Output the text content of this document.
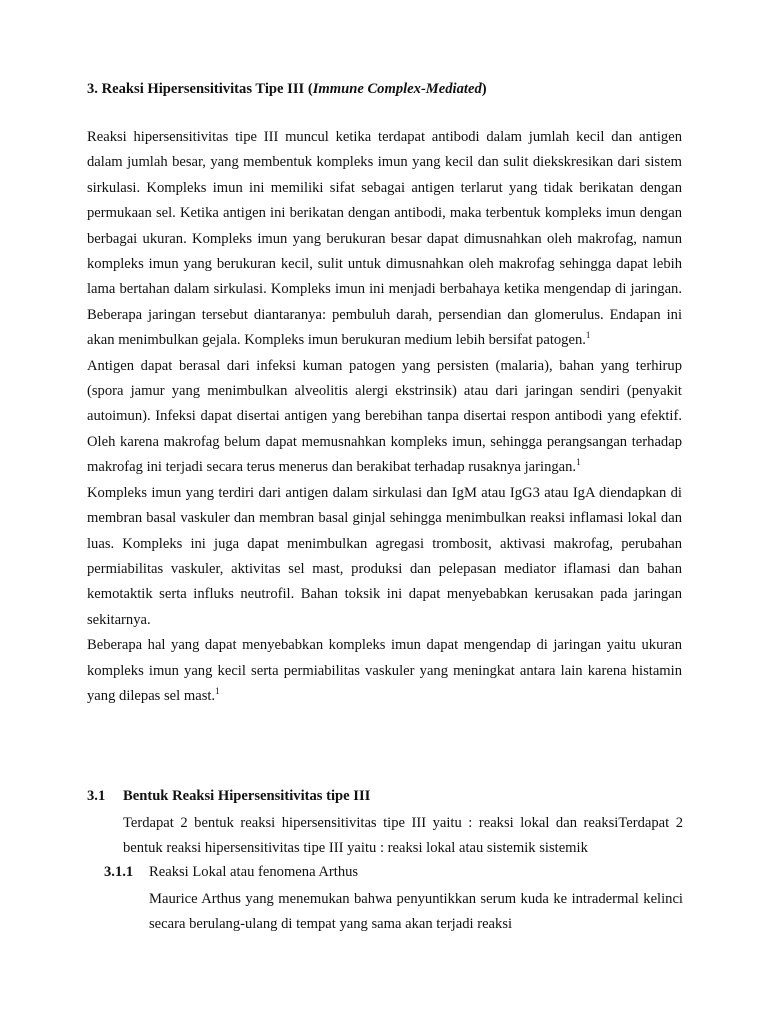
3. Reaksi Hipersensitivitas Tipe III (Immune Complex-Mediated)

Reaksi hipersensitivitas tipe III muncul ketika terdapat antibodi dalam jumlah kecil dan antigen dalam jumlah besar, yang membentuk kompleks imun yang kecil dan sulit diekskresikan dari sistem sirkulasi. Kompleks imun ini memiliki sifat sebagai antigen terlarut yang tidak berikatan dengan permukaan sel. Ketika antigen ini berikatan dengan antibodi, maka terbentuk kompleks imun dengan berbagai ukuran. Kompleks imun yang berukuran besar dapat dimusnahkan oleh makrofag, namun kompleks imun yang berukuran kecil, sulit untuk dimusnahkan oleh makrofag sehingga dapat lebih lama bertahan dalam sirkulasi. Kompleks imun ini menjadi berbahaya ketika mengendap di jaringan. Beberapa jaringan tersebut diantaranya: pembuluh darah, persendian dan glomerulus. Endapan ini akan menimbulkan gejala. Kompleks imun berukuran medium lebih bersifat patogen.$^1$

Antigen dapat berasal dari infeksi kuman patogen yang persisten (malaria), bahan yang terhirup (spora jamur yang menimbulkan alveolitis alergi ekstrinsik) atau dari jaringan sendiri (penyakit autoimun). Infeksi dapat disertai antigen yang berebihan tanpa disertai respon antibodi yang efektif. Oleh karena makrofag belum dapat memusnahkan kompleks imun, sehingga perangsangan terhadap makrofag ini terjadi secara terus menerus dan berakibat terhadap rusaknya jaringan.$^1$

Kompleks imun yang terdiri dari antigen dalam sirkulasi dan IgM atau IgG3 atau IgA diendapkan di membran basal vaskuler dan membran basal ginjal sehingga menimbulkan reaksi inflamasi lokal dan luas. Kompleks ini juga dapat menimbulkan agregasi trombosit, aktivasi makrofag, perubahan permiabilitas vaskuler, aktivitas sel mast, produksi dan pelepasan mediator iflamasi dan bahan kemotaktik serta influks neutrofil. Bahan toksik ini dapat menyebabkan kerusakan pada jaringan sekitarnya.

Beberapa hal yang dapat menyebabkan kompleks imun dapat mengendap di jaringan yaitu ukuran kompleks imun yang kecil serta permiabilitas vaskuler yang meningkat antara lain karena histamin yang dilepas sel mast.$^1$

3.1 Bentuk Reaksi Hipersensitivitas tipe III
Terdapat 2 bentuk reaksi hipersensitivitas tipe III yaitu : reaksi lokal dan reaksiTerdapat 2 bentuk reaksi hipersensitivitas tipe III yaitu : reaksi lokal atau sistemik sistemik
3.1.1 Reaksi Lokal atau fenomena Arthus
Maurice Arthus yang menemukan bahwa penyuntikkan serum kuda ke intradermal kelinci secara berulang-ulang di tempat yang sama akan terjadi reaksi
